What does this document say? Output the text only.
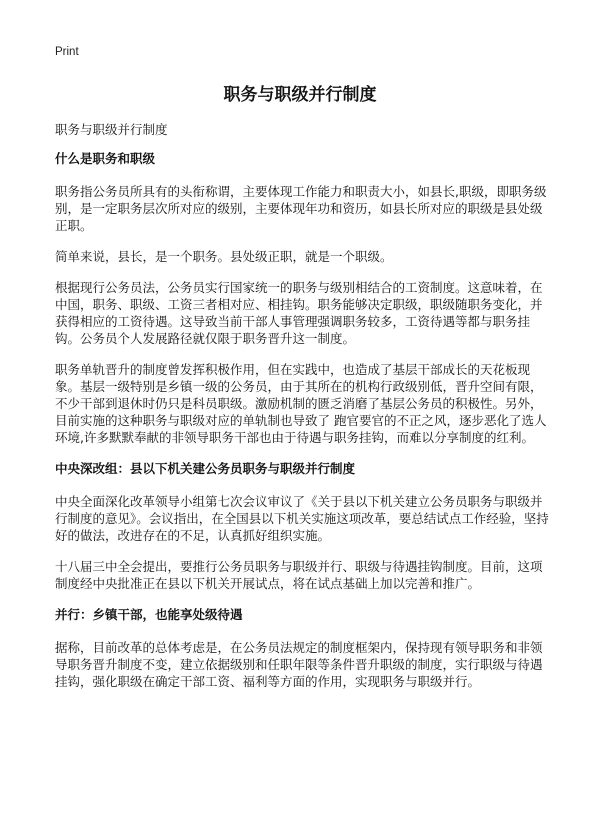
Print
职务与职级并行制度
职务与职级并行制度
什么是职务和职级

职务指公务员所具有的头衔称谓，主要体现工作能力和职责大小，如县长,职级，即职务级别，是一定职务层次所对应的级别，主要体现年功和资历，如县长所对应的职级是县处级正职。

简单来说，县长，是一个职务。县处级正职，就是一个职级。

根据现行公务员法，公务员实行国家统一的职务与级别相结合的工资制度。这意味着，在中国，职务、职级、工资三者相对应、相挂钩。职务能够决定职级，职级随职务变化，并获得相应的工资待遇。这导致当前干部人事管理强调职务较多，工资待遇等都与职务挂钩。公务员个人发展路径就仅限于职务晋升这一制度。

职务单轨晋升的制度曾发挥积极作用，但在实践中，也造成了基层干部成长的天花板现象。基层一级特别是乡镇一级的公务员，由于其所在的机构行政级别低，晋升空间有限，不少干部到退休时仍只是科员职级。激励机制的匮乏消磨了基层公务员的积极性。另外，目前实施的这种职务与职级对应的单轨制也导致了 跑官要官的不正之风，逐步恶化了选人环境,许多默默奉献的非领导职务干部也由于待遇与职务挂钩，而难以分享制度的红利。

中央深改组：县以下机关建公务员职务与职级并行制度

中央全面深化改革领导小组第七次会议审议了《关于县以下机关建立公务员职务与职级并行制度的意见》。会议指出，在全国县以下机关实施这项改革，要总结试点工作经验，坚持好的做法，改进存在的不足，认真抓好组织实施。

十八届三中全会提出，要推行公务员职务与职级并行、职级与待遇挂钩制度。目前，这项制度经中央批准正在县以下机关开展试点，将在试点基础上加以完善和推广。

并行：乡镇干部，也能享处级待遇

据称，目前改革的总体考虑是，在公务员法规定的制度框架内，保持现有领导职务和非领导职务晋升制度不变，建立依据级别和任职年限等条件晋升职级的制度，实行职级与待遇挂钩，强化职级在确定干部工资、福利等方面的作用，实现职务与职级并行。
